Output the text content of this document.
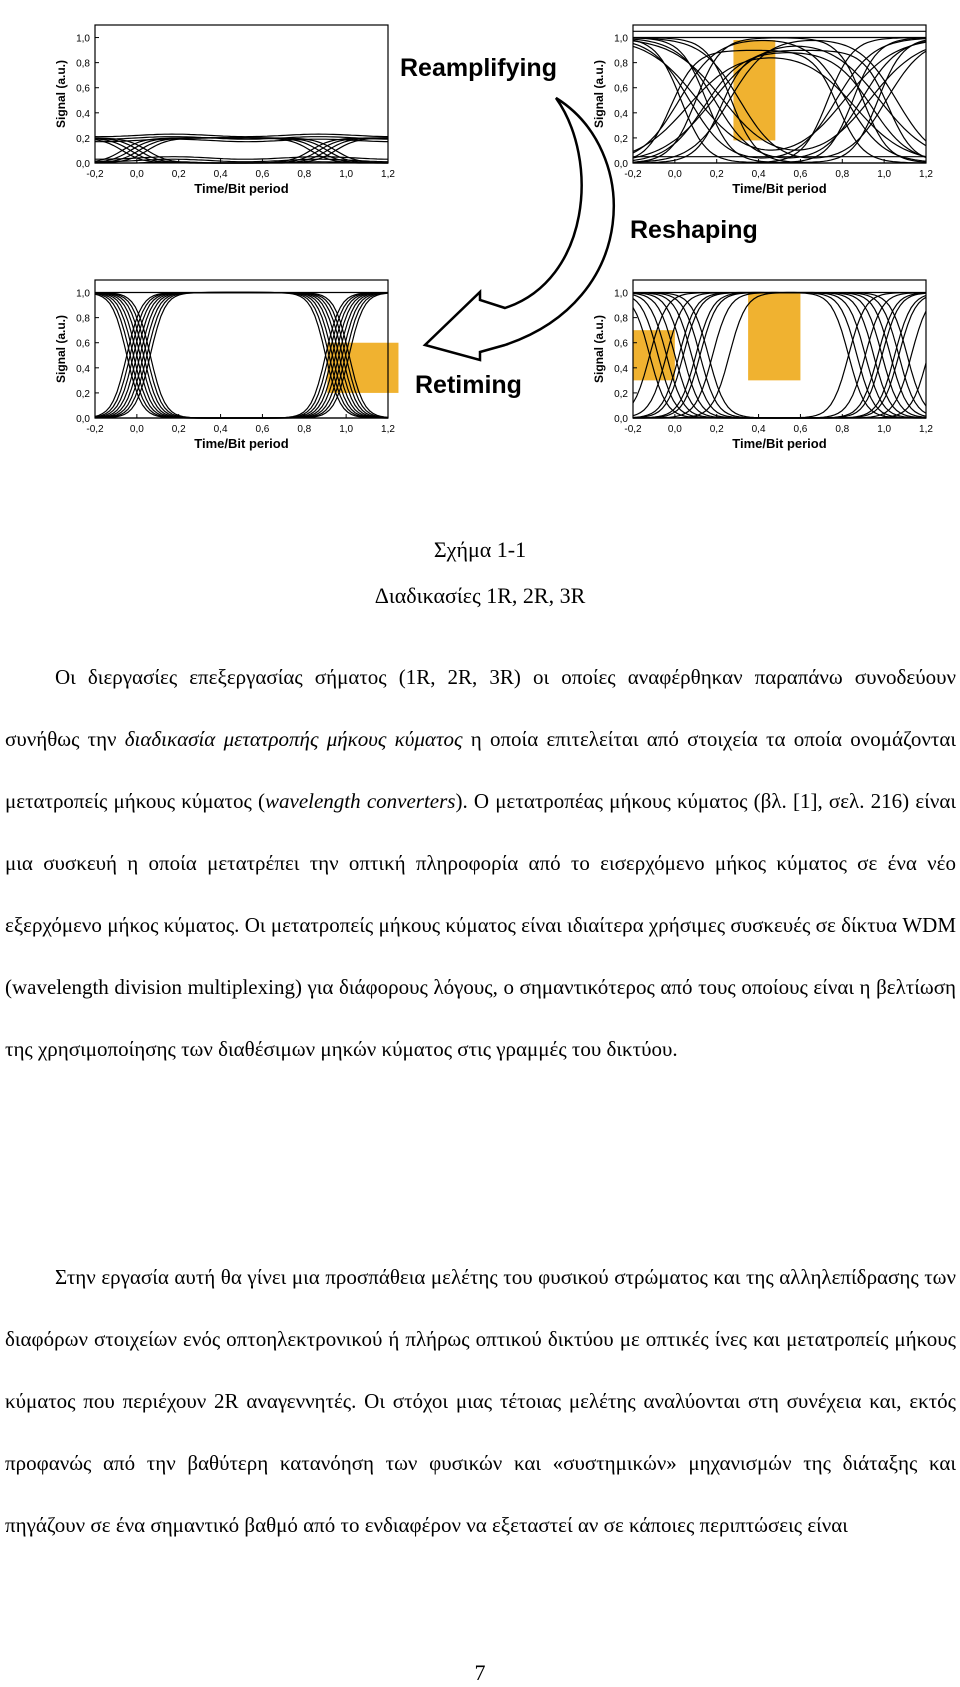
0,0
0,2
0,4
0,6
0,8
1,0
-0,2	0,0	0,2	0,4	0,6	0,8	1,0	1,2
Time/Bit period
Signal (a.u.)
0,0
0,2
0,4
0,6
0,8
1,0
-0,2	0,0	0,2	0,4	0,6	0,8	1,0	1,2
Time/Bit period
Signal (a.u.)
0,0
0,2
0,4
0,6
0,8
1,0
-0,2	0,0	0,2	0,4	0,6	0,8	1,0	1,2
Time/Bit period
Signal (a.u.)
0,0
0,2
0,4
0,6
0,8
1,0
-0,2	0,0	0,2	0,4	0,6	0,8	1,0	1,2
Time/Bit period
Signal (a.u.)
Reamplifying
Reshaping
Retiming
Σχήμα 1-1
Διαδικασίες 1R, 2R, 3R

Οι διεργασίες επεξεργασίας σήματος (1R, 2R, 3R) οι οποίες αναφέρθηκαν παραπάνω συνοδεύουν συνήθως την διαδικασία μετατροπής μήκους κύματος η οποία επιτελείται από στοιχεία τα οποία ονομάζονται μετατροπείς μήκους κύματος (wavelength converters). Ο μετατροπέας μήκους κύματος (βλ. [1], σελ. 216) είναι μια συσκευή η οποία μετατρέπει την οπτική πληροφορία από το εισερχόμενο μήκος κύματος σε ένα νέο εξερχόμενο μήκος κύματος. Οι μετατροπείς μήκους κύματος είναι ιδιαίτερα χρήσιμες συσκευές σε δίκτυα WDM (wavelength division multiplexing) για διάφορους λόγους, ο σημαντικότερος από τους οποίους είναι η βελτίωση της χρησιμοποίησης των διαθέσιμων μηκών κύματος στις γραμμές του δικτύου.

Στην εργασία αυτή θα γίνει μια προσπάθεια μελέτης του φυσικού στρώματος και της αλληλεπίδρασης των διαφόρων στοιχείων ενός οπτοηλεκτρονικού ή πλήρως οπτικού δικτύου με οπτικές ίνες και μετατροπείς μήκους κύματος που περιέχουν 2R αναγεννητές. Οι στόχοι μιας τέτοιας μελέτης αναλύονται στη συνέχεια και, εκτός προφανώς από την βαθύτερη κατανόηση των φυσικών και «συστημικών» μηχανισμών της διάταξης και πηγάζουν σε ένα σημαντικό βαθμό από το ενδιαφέρον να εξεταστεί αν σε κάποιες περιπτώσεις είναι

7
